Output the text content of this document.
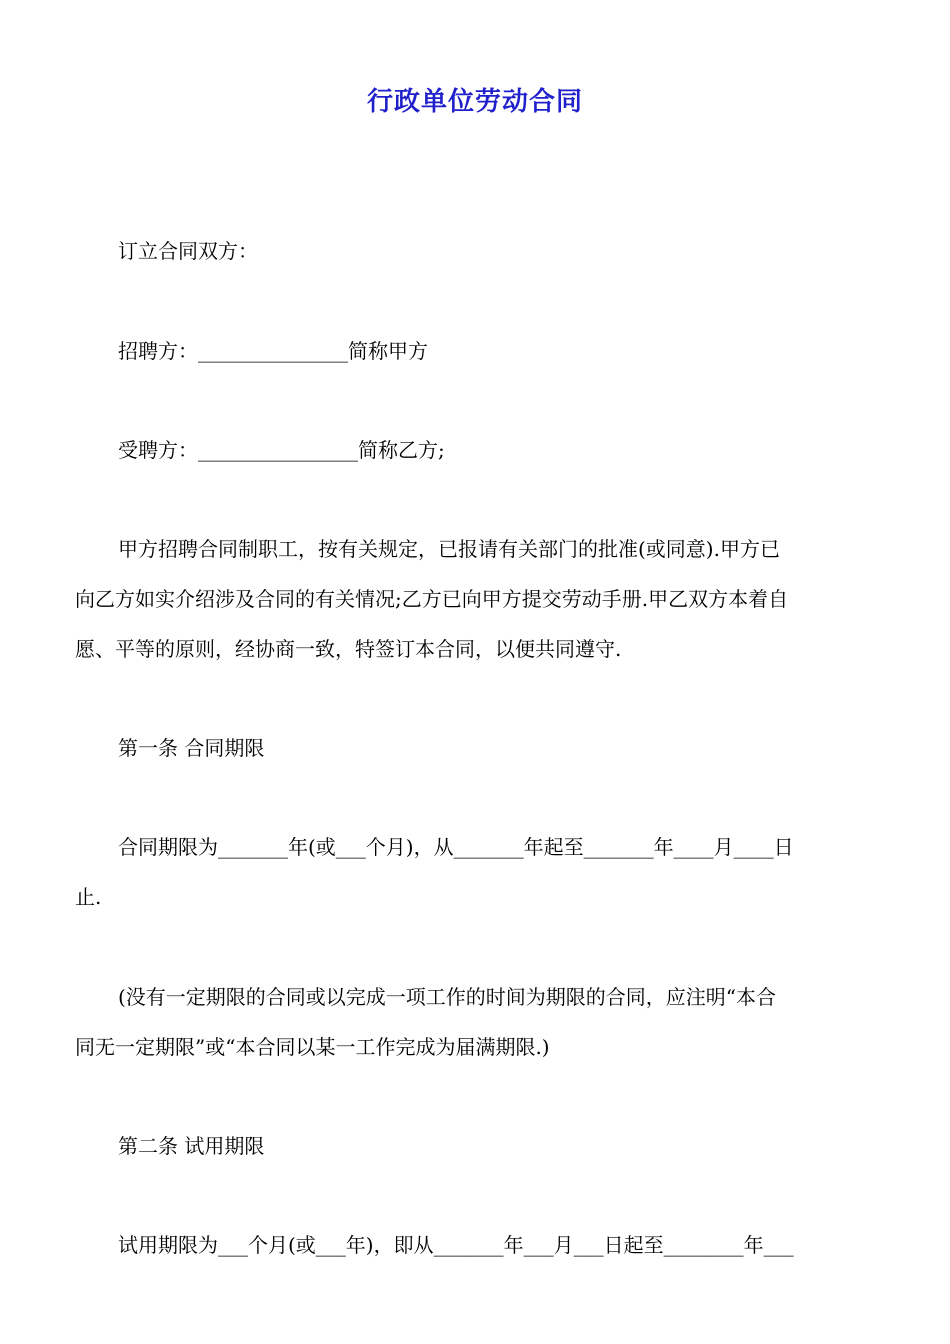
行政单位劳动合同

订立合同双方：

招聘方：_______________简称甲方

受聘方：________________简称乙方;

甲方招聘合同制职工，按有关规定，已报请有关部门的批准(或同意).甲方已
向乙方如实介绍涉及合同的有关情况;乙方已向甲方提交劳动手册.甲乙双方本着自
愿、平等的原则，经协商一致，特签订本合同，以便共同遵守.

第一条 合同期限

合同期限为_______年(或___个月)，从_______年起至_______年____月____日
止.
(没有一定期限的合同或以完成一项工作的时间为期限的合同，应注明“本合
同无一定期限”或“本合同以某一工作完成为届满期限.)

第二条 试用期限

试用期限为___个月(或___年)，即从_______年___月___日起至________年___
